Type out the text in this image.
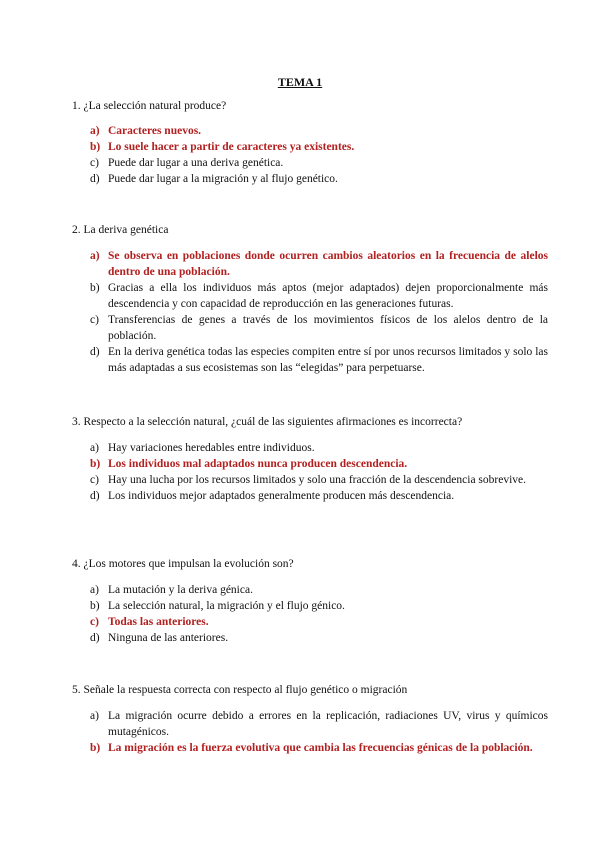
TEMA 1

1. ¿La selección natural produce?

a) Caracteres nuevos.
b) Lo suele hacer a partir de caracteres ya existentes.
c) Puede dar lugar a una deriva genética.
d) Puede dar lugar a la migración y al flujo genético.

2. La deriva genética

a) Se observa en poblaciones donde ocurren cambios aleatorios en la frecuencia de alelos dentro de una población.
b) Gracias a ella los individuos más aptos (mejor adaptados) dejen proporcionalmente más descendencia y con capacidad de reproducción en las generaciones futuras.
c) Transferencias de genes a través de los movimientos físicos de los alelos dentro de la población.
d) En la deriva genética todas las especies compiten entre sí por unos recursos limitados y solo las más adaptadas a sus ecosistemas son las “elegidas” para perpetuarse.

3. Respecto a la selección natural, ¿cuál de las siguientes afirmaciones es incorrecta?

a) Hay variaciones heredables entre individuos.
b) Los individuos mal adaptados nunca producen descendencia.
c) Hay una lucha por los recursos limitados y solo una fracción de la descendencia sobrevive.
d) Los individuos mejor adaptados generalmente producen más descendencia.

4. ¿Los motores que impulsan la evolución son?

a) La mutación y la deriva génica.
b) La selección natural, la migración y el flujo génico.
c) Todas las anteriores.
d) Ninguna de las anteriores.

5. Señale la respuesta correcta con respecto al flujo genético o migración

a) La migración ocurre debido a errores en la replicación, radiaciones UV, virus y químicos mutagénicos.
b) La migración es la fuerza evolutiva que cambia las frecuencias génicas de la población.
